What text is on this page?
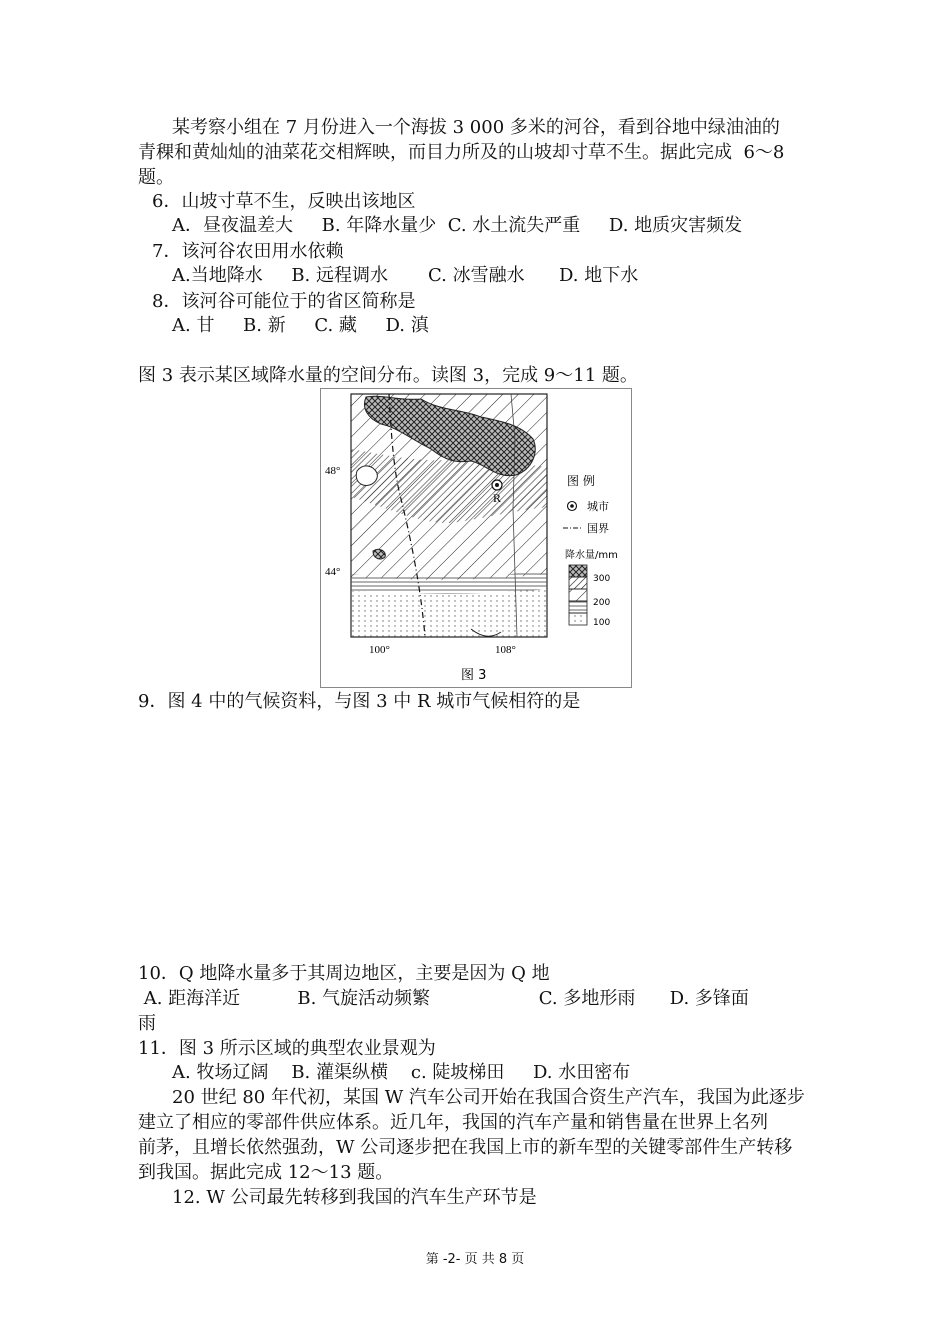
某考察小组在 7 月份进入一个海拔 3 000 多米的河谷，看到谷地中绿油油的

青稞和黄灿灿的油菜花交相辉映，而目力所及的山坡却寸草不生。据此完成  6～8

题。

6．山坡寸草不生，反映出该地区

A．昼夜温差大     B. 年降水量少  C. 水土流失严重     D. 地质灾害频发

7．该河谷农田用水依赖

A.当地降水     B. 远程调水       C. 冰雪融水      D. 地下水

8．该河谷可能位于的省区简称是

A. 甘     B. 新     C. 藏     D. 滇

图 3 表示某区域降水量的空间分布。读图 3，完成 9～11 题。

R
48°
44°
100°	108°
图 例
城市
国界
降水量/mm
300
200
100
图 3

9．图 4 中的气候资料，与图 3 中 R 城市气候相符的是

10．Q 地降水量多于其周边地区，主要是因为 Q 地

A. 距海洋近          B. 气旋活动频繁                   C. 多地形雨      D. 多锋面

雨

11．图 3 所示区域的典型农业景观为

A. 牧场辽阔    B. 灌渠纵横    c. 陡坡梯田     D. 水田密布

20 世纪 80 年代初，某国 W 汽车公司开始在我国合资生产汽车，我国为此逐步

建立了相应的零部件供应体系。近几年，我国的汽车产量和销售量在世界上名列

前茅，且增长依然强劲，W 公司逐步把在我国上市的新车型的关键零部件生产转移

到我国。据此完成 12～13 题。

12. W 公司最先转移到我国的汽车生产环节是

第 -2- 页 共 8 页
